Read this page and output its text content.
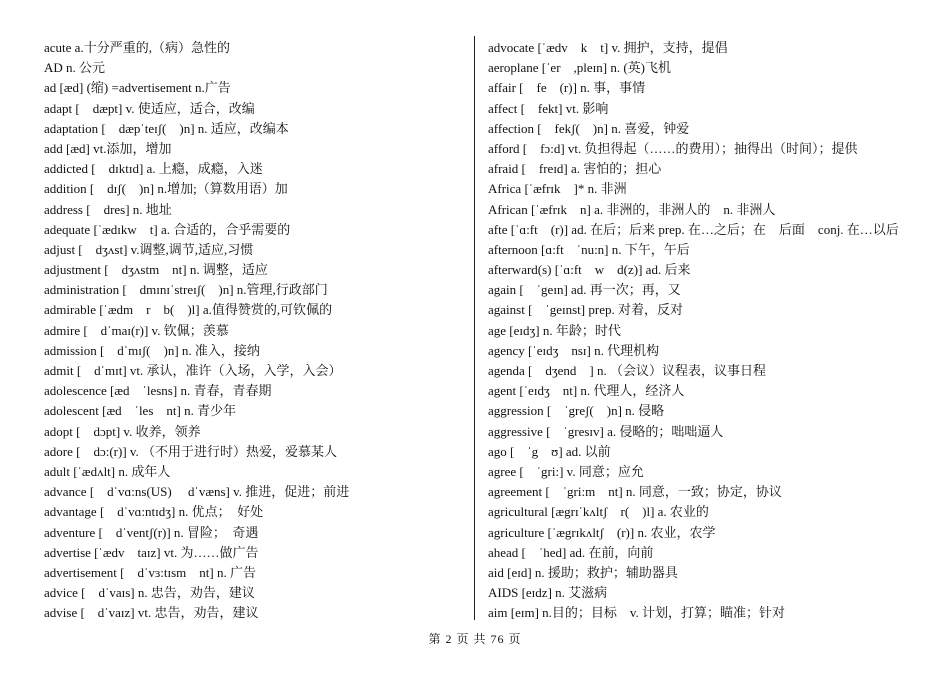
acute a.十分严重的,（病）急性的
AD n. 公元
ad [æd] (缩) =advertisement n.广告
adapt [　dæpt] v. 使适应，适合，改编
adaptation [　dæpˈteɪʃ(　)n] n. 适应，改编本
add [æd] vt.添加，增加
addicted [　dɪktɪd] a. 上瘾，成瘾，入迷
addition [　dɪʃ(　)n] n.增加;（算数用语）加
address [　dres] n. 地址
adequate [ˈædɪkw　t] a. 合适的，合乎需要的
adjust [　dʒʌst] v.调整,调节,适应,习惯
adjustment [　dʒʌstm　nt] n. 调整，适应
administration [　dmɪnɪˈstreɪʃ(　)n] n.管理,行政部门
admirable [ˈædm　r　b(　)l] a.值得赞赏的,可钦佩的
admire [　dˈmaɪ(r)] v. 钦佩；羡慕
admission [　dˈmɪʃ(　)n] n. 准入，接纳
admit [　dˈmɪt] vt. 承认，准许（入场，入学，入会）
adolescence [æd　ˈlesns] n. 青春，青春期
adolescent [æd　ˈles　nt] n. 青少年
adopt [　dɔpt] v. 收养，领养
adore [　dɔ:(r)] v. （不用于进行时）热爱，爱慕某人
adult [ˈædʌlt] n. 成年人
advance [　dˈvɑ:ns(US)　 dˈvæns] v. 推进，促进；前进
advantage [　dˈvɑ:ntɪdʒ] n. 优点；　好处
adventure [　dˈventʃ(r)] n. 冒险；　奇遇
advertise [ˈædv　taɪz] vt. 为……做广告
advertisement [　dˈvɜ:tɪsm　nt] n. 广告
advice [　dˈvaɪs] n. 忠告，劝告，建议
advise [　dˈvaɪz] vt. 忠告，劝告，建议
advocate [ˈædv　k　t] v. 拥护，支持，提倡
aeroplane [ˈer　,pleɪn] n. (英)飞机
affair [　fe　(r)] n. 事，事情
affect [　fekt] vt. 影响
affection [　fekʃ(　)n] n. 喜爱，钟爱
afford [　fɔ:d] vt. 负担得起（……的费用）；抽得出（时间）；提供
afraid [　freɪd] a. 害怕的；担心
Africa [ˈæfrɪk　]* n. 非洲
African [ˈæfrɪk　n] a. 非洲的，非洲人的　n. 非洲人
afte [ˈɑ:ft　(r)] ad. 在后；后来 prep. 在…之后；在　后面　conj. 在…以后
afternoon [ɑ:ft　ˈnu:n] n. 下午，午后
afterward(s) [ˈɑ:ft　w　d(z)] ad. 后来
again [　ˈgeɪn] ad. 再一次；再，又
against [　ˈgeɪnst] prep. 对着，反对
age [eɪdʒ] n. 年龄；时代
agency [ˈeɪdʒ　nsɪ] n. 代理机构
agenda [　dʒend　] n. （会议）议程表，议事日程
agent [ˈeɪdʒ　nt] n. 代理人，经济人
aggression [　ˈgreʃ(　)n] n. 侵略
aggressive [　ˈgresɪv] a. 侵略的；咄咄逼人
ago [　ˈg　ʊ] ad. 以前
agree [　ˈgri:] v. 同意；应允
agreement [　ˈgri:m　nt] n. 同意，一致；协定，协议
agricultural [ægrɪˈkʌltʃ　r(　)l] a. 农业的
agriculture [ˈægrɪkʌltʃ　(r)] n. 农业，农学
ahead [　ˈhed] ad. 在前，向前
aid [eɪd] n. 援助；救护；辅助器具
AIDS [eɪdz] n. 艾滋病
aim [eɪm] n.目的；目标　v. 计划，打算；瞄准；针对
第 2 页 共 76 页
